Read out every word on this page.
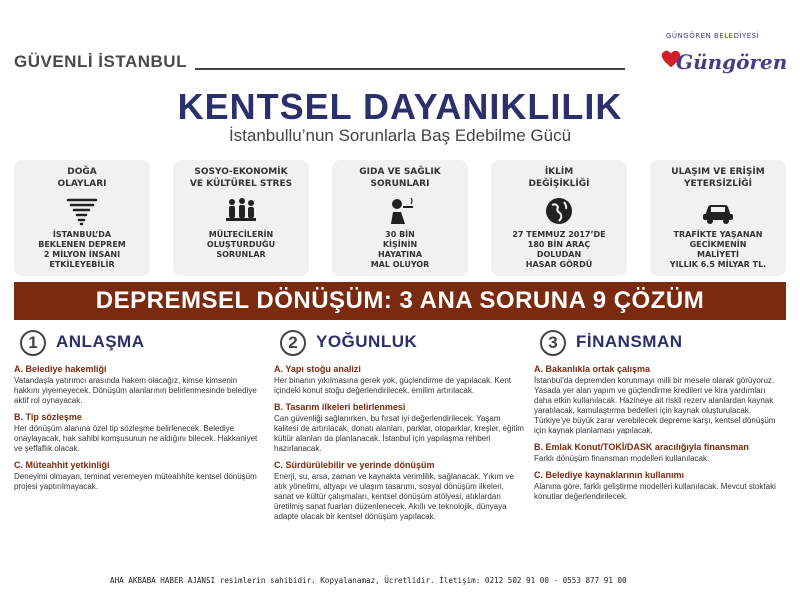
GÜVENLİ İSTANBUL
GÜNGÖREN BELEDİYESİ
Güngören
KENTSEL DAYANIKLILIK
İstanbullu’nun Sorunlarla Baş Edebilme Gücü
DOĞA
OLAYLARI
İSTANBUL’DA
BEKLENEN DEPREM
2 MİLYON İNSANI
ETKİLEYEBİLİR
SOSYO-EKONOMİK
VE KÜLTÜREL STRES
MÜLTECİLERİN
OLUŞTURDUĞU
SORUNLAR
GIDA VE SAĞLIK
SORUNLARI
30 BİN
KİŞİNİN
HAYATINA
MAL OLUYOR
İKLİM
DEĞİŞİKLİĞİ
27 TEMMUZ 2017’DE
180 BİN ARAÇ
DOLUDAN
HASAR GÖRDÜ
ULAŞIM VE ERİŞİM
YETERSİZLİĞİ
TRAFİKTE YAŞANAN
GECİKMENİN
MALİYETİ
YILLIK 6.5 MİLYAR TL.
DEPREMSEL DÖNÜŞÜM: 3 ANA SORUNA 9 ÇÖZÜM
1	ANLAŞMA
A. Belediye hakemliği
Vatandaşla yatırımcı arasında hakem olacağız, kimse kimsenin hakkını yiyemeyecek. Dönüşüm alanlarının belirlenmesinde belediye aktif rol oynayacak.
B. Tip sözleşme
Her dönüşüm alanına özel tip sözleşme belirlenecek. Belediye onaylayacak, hak sahibi komşusunun ne aldığını bilecek. Hakkaniyet ve şeffaflık olacak.
C. Müteahhit yetkinliği
Deneyimi olmayan, teminat veremeyen müteahhite kentsel dönüşüm projesi yaptırılmayacak.
2	YOĞUNLUK
A. Yapı stoğu analizi
Her binanın yıkılmasına gerek yok, güçlendirme de yapılacak. Kent içindeki konut stoğu değerlendirilecek, emilim artırılacak.
B. Tasarım ilkeleri belirlenmesi
Can güvenliği sağlanırken, bu fırsat iyi değerlendirilecek. Yaşam kalitesi de artırılacak, donatı alanları, parklar, otoparklar, kreşler, eğitim kültür alanları da planlanacak. İstanbul için yapılaşma rehberi hazırlanacak.
C. Sürdürülebilir ve yerinde dönüşüm
Enerji, su, arsa, zaman ve kaynakta verimlilik, sağlanacak. Yıkım ve atık yönetimi, altyapı ve ulaşım tasarımı, sosyal dönüşüm ilkeleri, sanat ve kültür çalışmaları, kentsel dönüşüm atölyesi, atıklardan üretilmiş sanat fuarları düzenlenecek. Akıllı ve teknolojik, dünyaya adapte olacak bir kentsel dönüşüm yapılacak.
3	FİNANSMAN
A. Bakanlıkla ortak çalışma
İstanbul’da depremden korunmayı milli bir mesele olarak görüyoruz. Yasada yer alan yapım ve güçlendirme kredileri ve kira yardımları daha etkin kullanılacak. Hazineye ait riskli rezerv alanlardan kaynak yaratılacak, kamulaştırma bedelleri için kaynak oluşturulacak. Türkiye’ye büyük zarar verebilecek depreme karşı, kentsel dönüşüm için kaynak planlaması yapılacak.
B. Emlak Konut/TOKİ/DASK aracılığıyla finansman
Farklı dönüşüm finansman modelleri kullanılacak.
C. Belediye kaynaklarının kullanımı
Alanına göre, farklı geliştirme modelleri kullanılacak. Mevcut stoktaki konutlar değerlendirilecek.
AHA AKBABA HABER AJANSI resimlerin sahibidir. Kopyalanamaz, Ücretlidir. İletişim: 0212 502 91 00 - 0553 877 91 00
